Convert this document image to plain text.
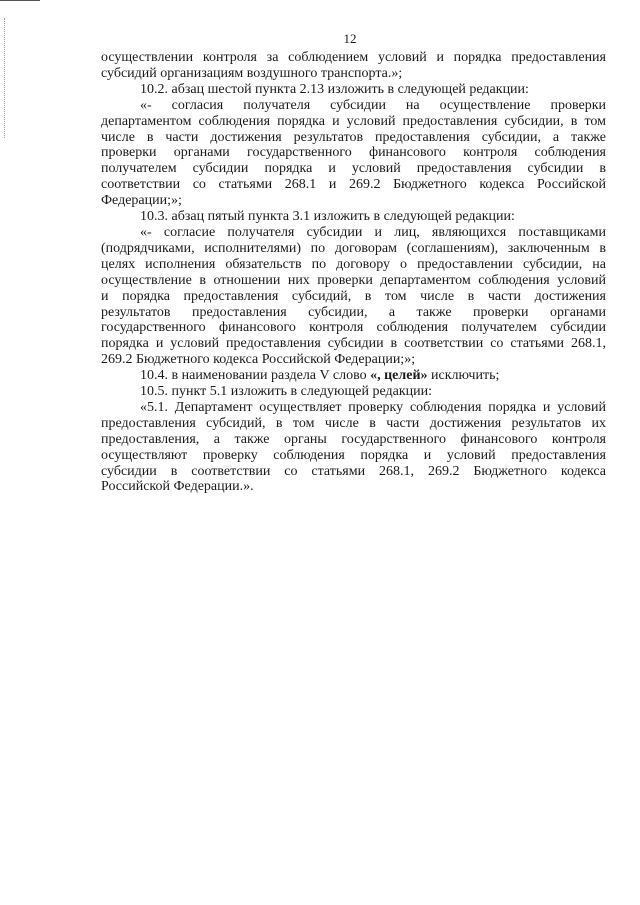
12
осуществлении контроля за соблюдением условий и порядка предоставления
субсидий организациям воздушного транспорта.»;
10.2. абзац шестой пункта 2.13 изложить в следующей редакции:
«- согласия получателя субсидии на осуществление проверки
департаментом соблюдения порядка и условий предоставления субсидии, в том
числе в части достижения результатов предоставления субсидии, а также
проверки органами государственного финансового контроля соблюдения
получателем субсидии порядка и условий предоставления субсидии в
соответствии со статьями 268.1 и 269.2 Бюджетного кодекса Российской
Федерации;»;
10.3. абзац пятый пункта 3.1 изложить в следующей редакции:
«- согласие получателя субсидии и лиц, являющихся поставщиками
(подрядчиками, исполнителями) по договорам (соглашениям), заключенным в
целях исполнения обязательств по договору о предоставлении субсидии, на
осуществление в отношении них проверки департаментом соблюдения условий
и порядка предоставления субсидий, в том числе в части достижения
результатов предоставления субсидии, а также проверки органами
государственного финансового контроля соблюдения получателем субсидии
порядка и условий предоставления субсидии в соответствии со статьями 268.1,
269.2 Бюджетного кодекса Российской Федерации;»;
10.4. в наименовании раздела V слово «, целей» исключить;
10.5. пункт 5.1 изложить в следующей редакции:
«5.1. Департамент осуществляет проверку соблюдения порядка и условий
предоставления субсидий, в том числе в части достижения результатов их
предоставления, а также органы государственного финансового контроля
осуществляют проверку соблюдения порядка и условий предоставления
субсидии в соответствии со статьями 268.1, 269.2 Бюджетного кодекса
Российской Федерации.».
